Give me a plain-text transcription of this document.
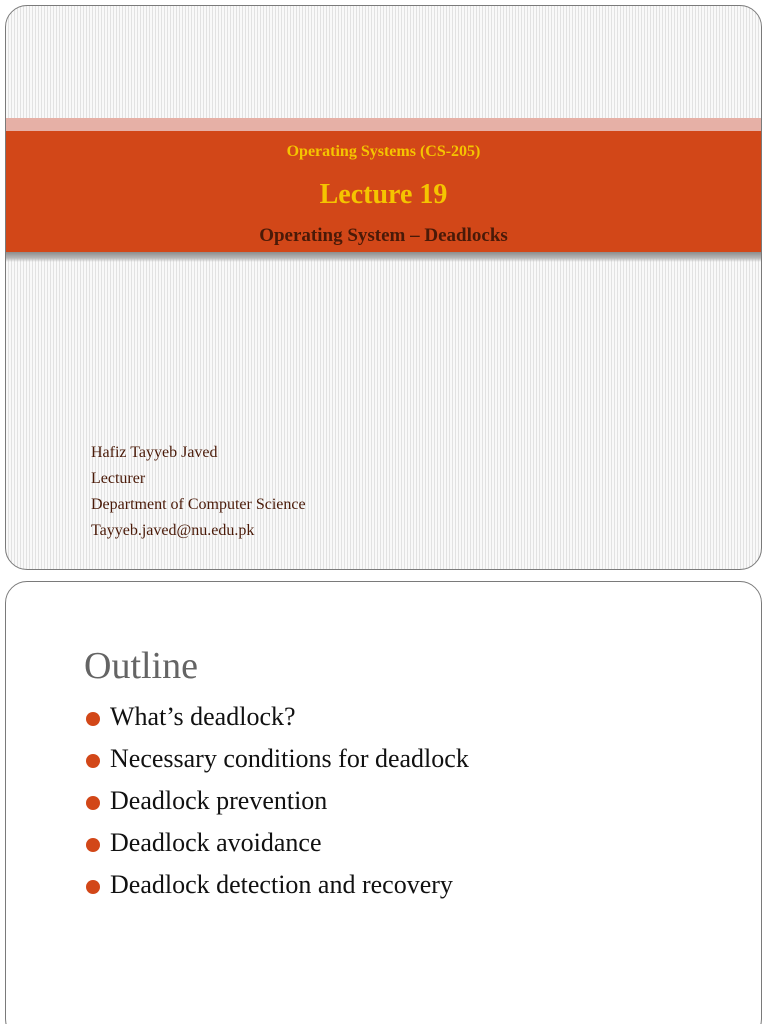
Operating Systems (CS-205)
Lecture 19
Operating System – Deadlocks
Hafiz Tayyeb Javed
Lecturer
Department of Computer Science
Tayyeb.javed@nu.edu.pk
Outline
What’s deadlock?
Necessary conditions for deadlock
Deadlock prevention
Deadlock avoidance
Deadlock detection and recovery
